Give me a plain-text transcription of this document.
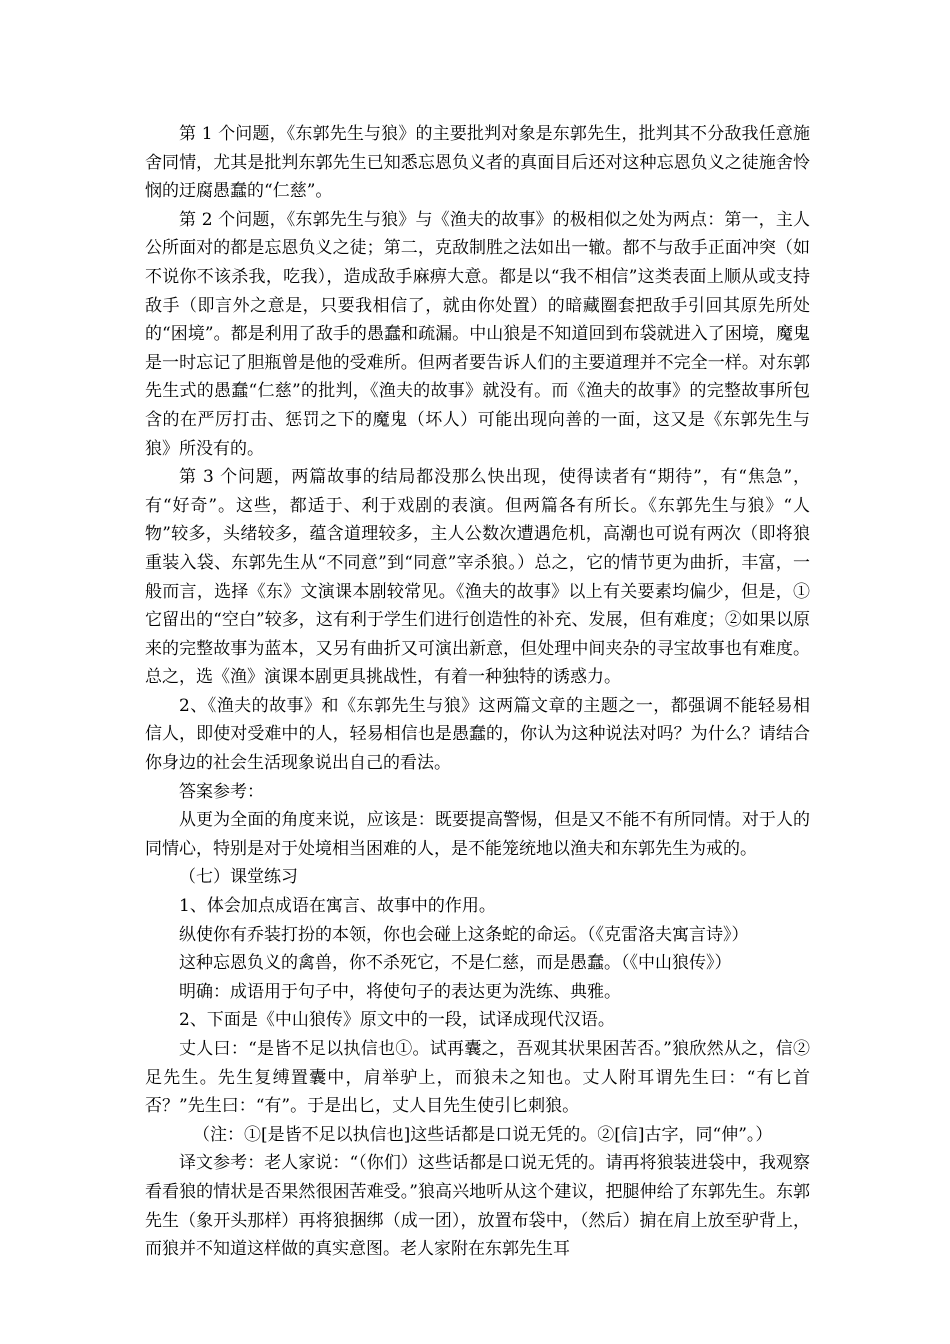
第 1 个问题，《东郭先生与狼》的主要批判对象是东郭先生，批判其不分敌我任意施舍同情，尤其是批判东郭先生已知悉忘恩负义者的真面目后还对这种忘恩负义之徒施舍怜悯的迂腐愚蠢的“仁慈”。

第 2 个问题，《东郭先生与狼》与《渔夫的故事》的极相似之处为两点：第一，主人公所面对的都是忘恩负义之徒；第二，克敌制胜之法如出一辙。都不与敌手正面冲突（如不说你不该杀我，吃我），造成敌手麻痹大意。都是以“我不相信”这类表面上顺从或支持敌手（即言外之意是，只要我相信了，就由你处置）的暗藏圈套把敌手引回其原先所处的“困境”。都是利用了敌手的愚蠢和疏漏。中山狼是不知道回到布袋就进入了困境，魔鬼是一时忘记了胆瓶曾是他的受难所。但两者要告诉人们的主要道理并不完全一样。对东郭先生式的愚蠢“仁慈”的批判，《渔夫的故事》就没有。而《渔夫的故事》的完整故事所包含的在严厉打击、惩罚之下的魔鬼（坏人）可能出现向善的一面，这又是《东郭先生与狼》所没有的。

第 3 个问题，两篇故事的结局都没那么快出现，使得读者有“期待”，有“焦急”，有“好奇”。这些，都适于、利于戏剧的表演。但两篇各有所长。《东郭先生与狼》“人物”较多，头绪较多，蕴含道理较多，主人公数次遭遇危机，高潮也可说有两次（即将狼重装入袋、东郭先生从“不同意”到“同意”宰杀狼。）总之，它的情节更为曲折，丰富，一般而言，选择《东》文演课本剧较常见。《渔夫的故事》以上有关要素均偏少，但是，①它留出的“空白”较多，这有利于学生们进行创造性的补充、发展，但有难度；②如果以原来的完整故事为蓝本，又另有曲折又可演出新意，但处理中间夹杂的寻宝故事也有难度。总之，选《渔》演课本剧更具挑战性，有着一种独特的诱惑力。

2、《渔夫的故事》和《东郭先生与狼》这两篇文章的主题之一，都强调不能轻易相信人，即使对受难中的人，轻易相信也是愚蠢的，你认为这种说法对吗？为什么？请结合你身边的社会生活现象说出自己的看法。

答案参考：

从更为全面的角度来说，应该是：既要提高警惕，但是又不能不有所同情。对于人的同情心，特别是对于处境相当困难的人，是不能笼统地以渔夫和东郭先生为戒的。

（七）课堂练习

1、体会加点成语在寓言、故事中的作用。

纵使你有乔装打扮的本领，你也会碰上这条蛇的命运。（《克雷洛夫寓言诗》）

这种忘恩负义的禽兽，你不杀死它，不是仁慈，而是愚蠢。（《中山狼传》）

明确：成语用于句子中，将使句子的表达更为洗练、典雅。

2、下面是《中山狼传》原文中的一段，试译成现代汉语。

丈人曰：“是皆不足以执信也①。试再囊之，吾观其状果困苦否。”狼欣然从之，信②足先生。先生复缚置囊中，肩举驴上，而狼未之知也。丈人附耳谓先生曰：“有匕首否？”先生曰：“有”。于是出匕，丈人目先生使引匕刺狼。

（注：①[是皆不足以执信也]这些话都是口说无凭的。②[信]古字，同“伸”。）

译文参考：老人家说：“（你们）这些话都是口说无凭的。请再将狼装进袋中，我观察看看狼的情状是否果然很困苦难受。”狼高兴地听从这个建议，把腿伸给了东郭先生。东郭先生（象开头那样）再将狼捆绑（成一团），放置布袋中，（然后）掮在肩上放至驴背上，而狼并不知道这样做的真实意图。老人家附在东郭先生耳
